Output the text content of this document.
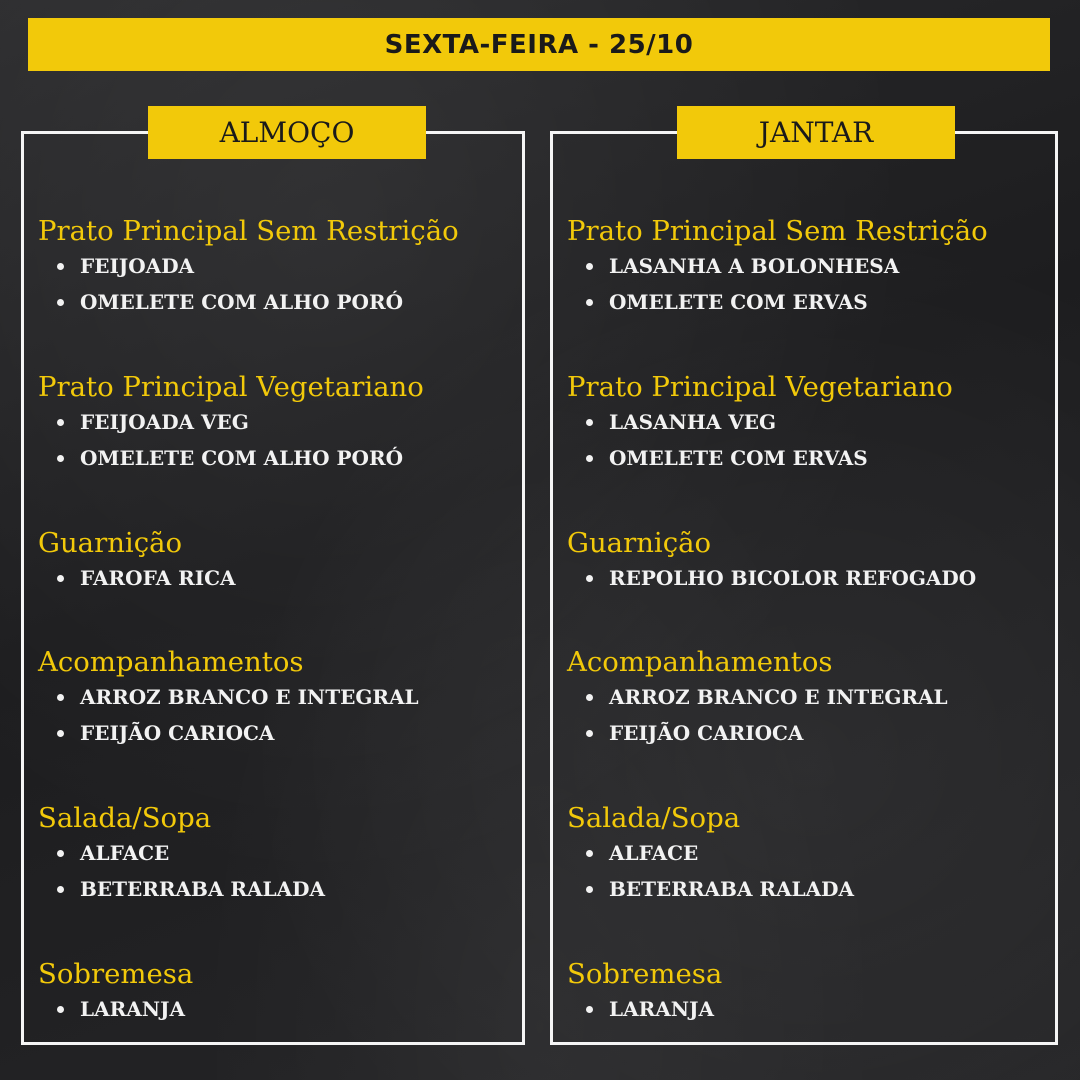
SEXTA-FEIRA - 25/10
ALMOÇO
Prato Principal Sem Restrição
FEIJOADA
OMELETE COM ALHO PORÓ
Prato Principal Vegetariano
FEIJOADA VEG
OMELETE COM ALHO PORÓ
Guarnição
FAROFA RICA
Acompanhamentos
ARROZ BRANCO E INTEGRAL
FEIJÃO CARIOCA
Salada/Sopa
ALFACE
BETERRABA RALADA
Sobremesa
LARANJA
JANTAR
Prato Principal Sem Restrição
LASANHA A BOLONHESA
OMELETE COM ERVAS
Prato Principal Vegetariano
LASANHA VEG
OMELETE COM ERVAS
Guarnição
REPOLHO BICOLOR REFOGADO
Acompanhamentos
ARROZ BRANCO E INTEGRAL
FEIJÃO CARIOCA
Salada/Sopa
ALFACE
BETERRABA RALADA
Sobremesa
LARANJA
